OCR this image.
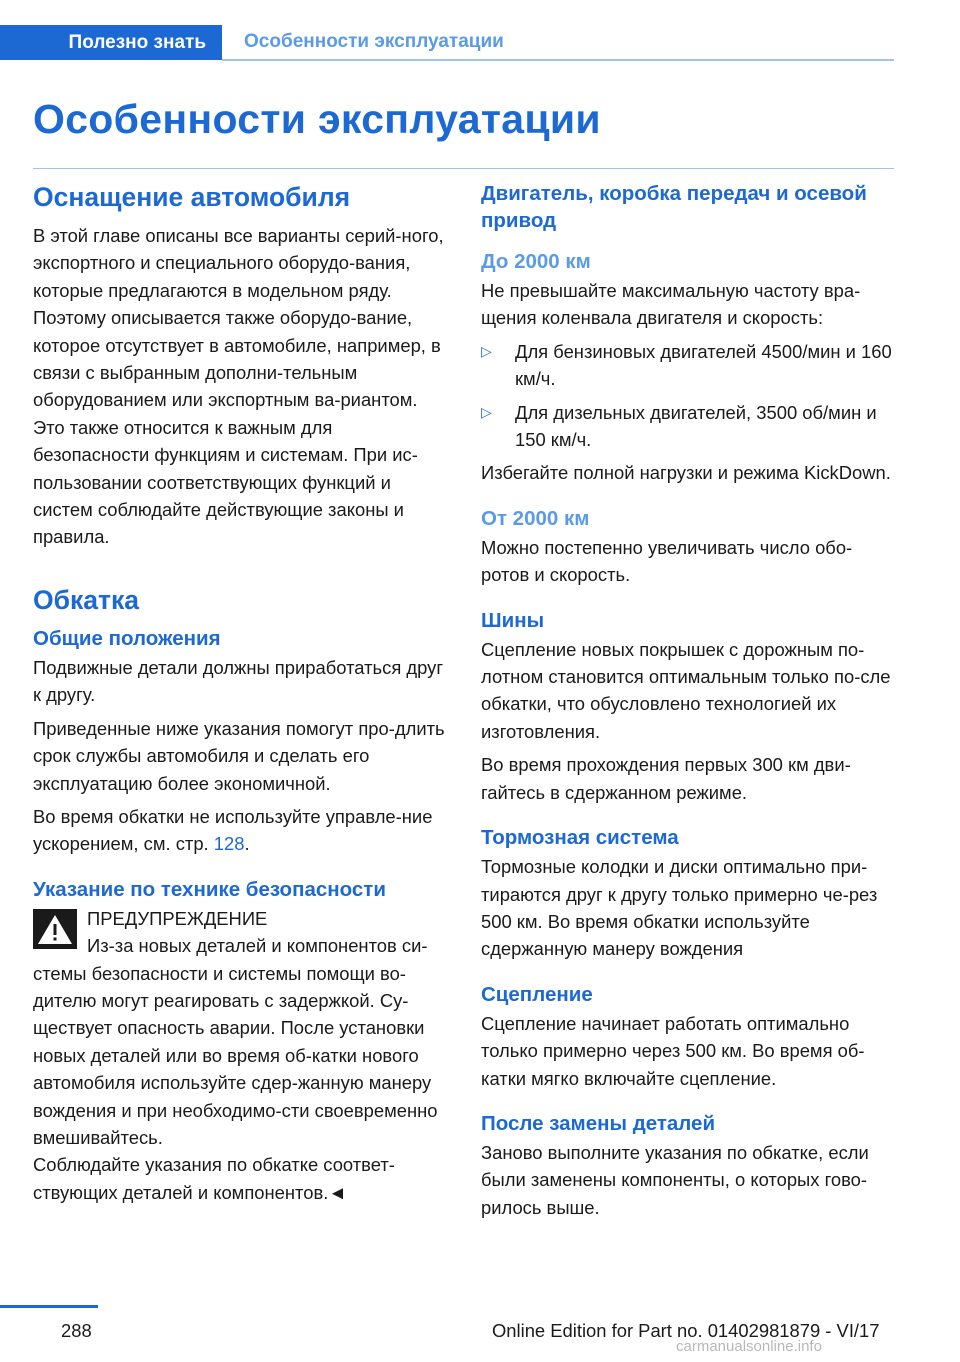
Полезно знать	Особенности эксплуатации
Особенности эксплуатации
Оснащение автомобиля

В этой главе описаны все варианты серий-ного, экспортного и специального оборудо-вания, которые предлагаются в модельном ряду. Поэтому описывается также оборудо-вание, которое отсутствует в автомобиле, например, в связи с выбранным дополни-тельным оборудованием или экспортным ва-риантом. Это также относится к важным для безопасности функциям и системам. При ис-пользовании соответствующих функций и систем соблюдайте действующие законы и правила.

Обкатка
Общие положения

Подвижные детали должны приработаться друг к другу.

Приведенные ниже указания помогут про-длить срок службы автомобиля и сделать его эксплуатацию более экономичной.

Во время обкатки не используйте управле-ние ускорением, см. стр. 128.

Указание по технике безопасности
ПРЕДУПРЕЖДЕНИЕ
Из-за новых деталей и компонентов си-стемы безопасности и системы помощи во-дителю могут реагировать с задержкой. Су-ществует опасность аварии. После установки новых деталей или во время об-катки нового автомобиля используйте сдер-жанную манеру вождения и при необходимо-сти своевременно вмешивайтесь.
Соблюдайте указания по обкатке соответ-ствующих деталей и компонентов.◄
Двигатель, коробка передач и осевой привод
До 2000 км

Не превышайте максимальную частоту вра-щения коленвала двигателя и скорость:

▷ Для бензиновых двигателей 4500/мин и 160 км/ч.
▷ Для дизельных двигателей, 3500 об/мин и 150 км/ч.

Избегайте полной нагрузки и режима KickDown.

От 2000 км

Можно постепенно увеличивать число обо-ротов и скорость.

Шины

Сцепление новых покрышек с дорожным по-лотном становится оптимальным только по-сле обкатки, что обусловлено технологией их изготовления.

Во время прохождения первых 300 км дви-гайтесь в сдержанном режиме.

Тормозная система

Тормозные колодки и диски оптимально при-тираются друг к другу только примерно че-рез 500 км. Во время обкатки используйте сдержанную манеру вождения

Сцепление

Сцепление начинает работать оптимально только примерно через 500 км. Во время об-катки мягко включайте сцепление.

После замены деталей

Заново выполните указания по обкатке, если были заменены компоненты, о которых гово-рилось выше.

288	Online Edition for Part no. 01402981879 - VI/17
carmanualsonline.info
